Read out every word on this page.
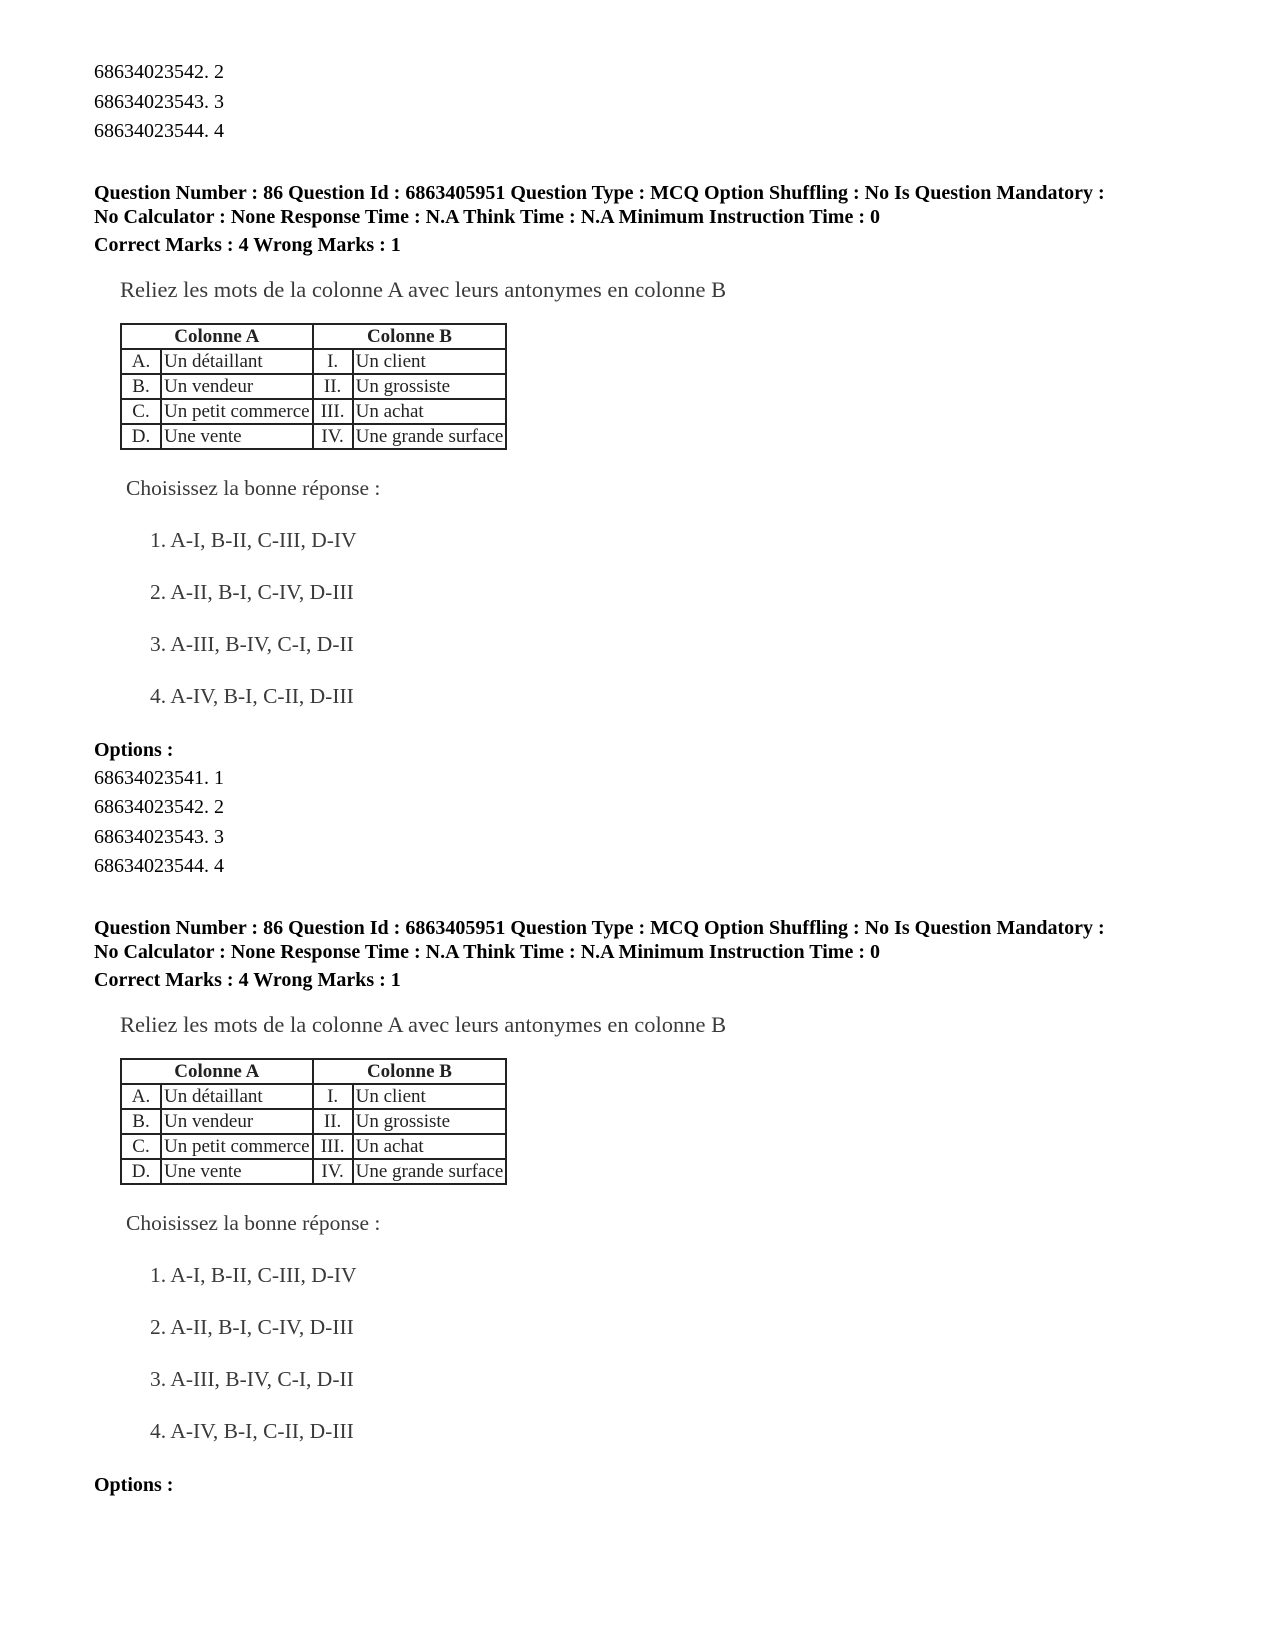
68634023542. 2
68634023543. 3
68634023544. 4
Question Number : 86 Question Id : 6863405951 Question Type : MCQ Option Shuffling : No Is Question Mandatory :
No Calculator : None Response Time : N.A Think Time : N.A Minimum Instruction Time : 0
Correct Marks : 4 Wrong Marks : 1
Reliez les mots de la colonne A avec leurs antonymes en colonne B
Colonne A		Colonne B	
A.	Un détaillant	I.	Un client
B.	Un vendeur	II.	Un grossiste
C.	Un petit commerce	III.	Un achat
D.	Une vente	IV.	Une grande surface
Choisissez la bonne réponse :
1. A-I, B-II, C-III, D-IV
2. A-II, B-I, C-IV, D-III
3. A-III, B-IV, C-I, D-II
4. A-IV, B-I, C-II, D-III
Options :
68634023541. 1
68634023542. 2
68634023543. 3
68634023544. 4
Question Number : 86 Question Id : 6863405951 Question Type : MCQ Option Shuffling : No Is Question Mandatory :
No Calculator : None Response Time : N.A Think Time : N.A Minimum Instruction Time : 0
Correct Marks : 4 Wrong Marks : 1
Reliez les mots de la colonne A avec leurs antonymes en colonne B
Colonne A		Colonne B	
A.	Un détaillant	I.	Un client
B.	Un vendeur	II.	Un grossiste
C.	Un petit commerce	III.	Un achat
D.	Une vente	IV.	Une grande surface
Choisissez la bonne réponse :
1. A-I, B-II, C-III, D-IV
2. A-II, B-I, C-IV, D-III
3. A-III, B-IV, C-I, D-II
4. A-IV, B-I, C-II, D-III
Options :
